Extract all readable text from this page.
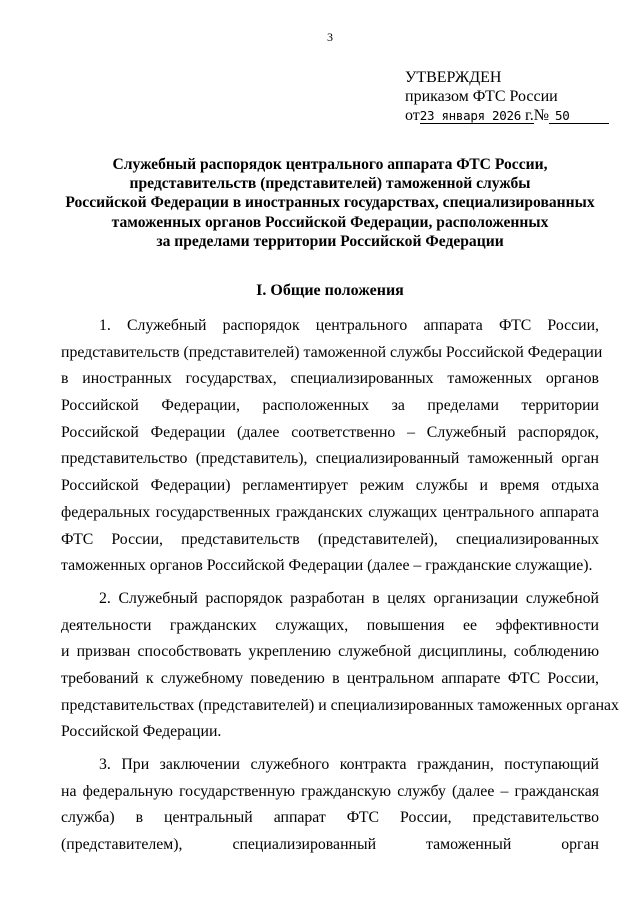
3
УТВЕРЖДЕН
приказом ФТС России
от23 января 2026 г.№ 50
Служебный распорядок центрального аппарата ФТС России,
представительств (представителей) таможенной службы
Российской Федерации в иностранных государствах, специализированных
таможенных органов Российской Федерации, расположенных
за пределами территории Российской Федерации
I. Общие положения
1. Служебный распорядок центрального аппарата ФТС России,
представительств (представителей) таможенной службы Российской Федерации
в иностранных государствах, специализированных таможенных органов
Российской Федерации, расположенных за пределами территории
Российской Федерации (далее соответственно – Служебный распорядок,
представительство (представитель), специализированный таможенный орган
Российской Федерации) регламентирует режим службы и время отдыха
федеральных государственных гражданских служащих центрального аппарата
ФТС России, представительств (представителей), специализированных
таможенных органов Российской Федерации (далее – гражданские служащие).
2. Служебный распорядок разработан в целях организации служебной
деятельности гражданских служащих, повышения ее эффективности
и призван способствовать укреплению служебной дисциплины, соблюдению
требований к служебному поведению в центральном аппарате ФТС России,
представительствах (представителей) и специализированных таможенных органах
Российской Федерации.
3. При заключении служебного контракта гражданин, поступающий
на федеральную государственную гражданскую службу (далее – гражданская
служба) в центральный аппарат ФТС России, представительство
(представителем), специализированный таможенный орган
